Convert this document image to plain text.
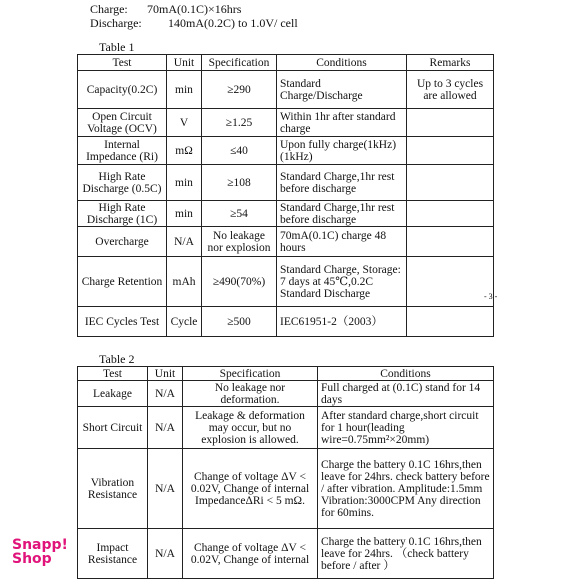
Charge: 70mA(0.1C)×16hrs
Discharge: 140mA(0.2C) to 1.0V/ cell
Table 1
Test	Unit	Specification	Conditions	Remarks
Capacity(0.2C)	min	≥290	Standard Charge/Discharge	Up to 3 cycles are allowed
Open Circuit Voltage (OCV)	V	≥1.25	Within 1hr after standard charge	
Internal Impedance (Ri)	mΩ	≤40	Upon fully charge(1kHz) (1kHz)	
High Rate Discharge (0.5C)	min	≥108	Standard Charge,1hr rest before discharge	
High Rate Discharge (1C)	min	≥54	Standard Charge,1hr rest before discharge	
Overcharge	N/A	No leakage nor explosion	70mA(0.1C) charge 48 hours	
Charge Retention	mAh	≥490(70%)	Standard Charge, Storage: 7 days at 45℃,0.2C Standard Discharge	
IEC Cycles Test	Cycle	≥500	IEC61951-2（2003）	
- 3 -
Table 2
Test	Unit	Specification	Conditions
Leakage	N/A	No leakage nor deformation.	Full charged at (0.1C) stand for 14 days
Short Circuit	N/A	Leakage & deformation may occur, but no explosion is allowed.	After standard charge,short circuit for 1 hour(leading wire=0.75mm²×20mm)
Vibration Resistance	N/A	Change of voltage ΔV < 0.02V, Change of internal ImpedanceΔRi < 5 mΩ.	Charge the battery 0.1C 16hrs,then leave for 24hrs. check battery before / after vibration. Amplitude:1.5mm Vibration:3000CPM Any direction for 60mins.
Impact Resistance	N/A	Change of voltage ΔV < 0.02V, Change of internal	Charge the battery 0.1C 16hrs,then leave for 24hrs. （check battery before / after ）
Snapp!
Shop
